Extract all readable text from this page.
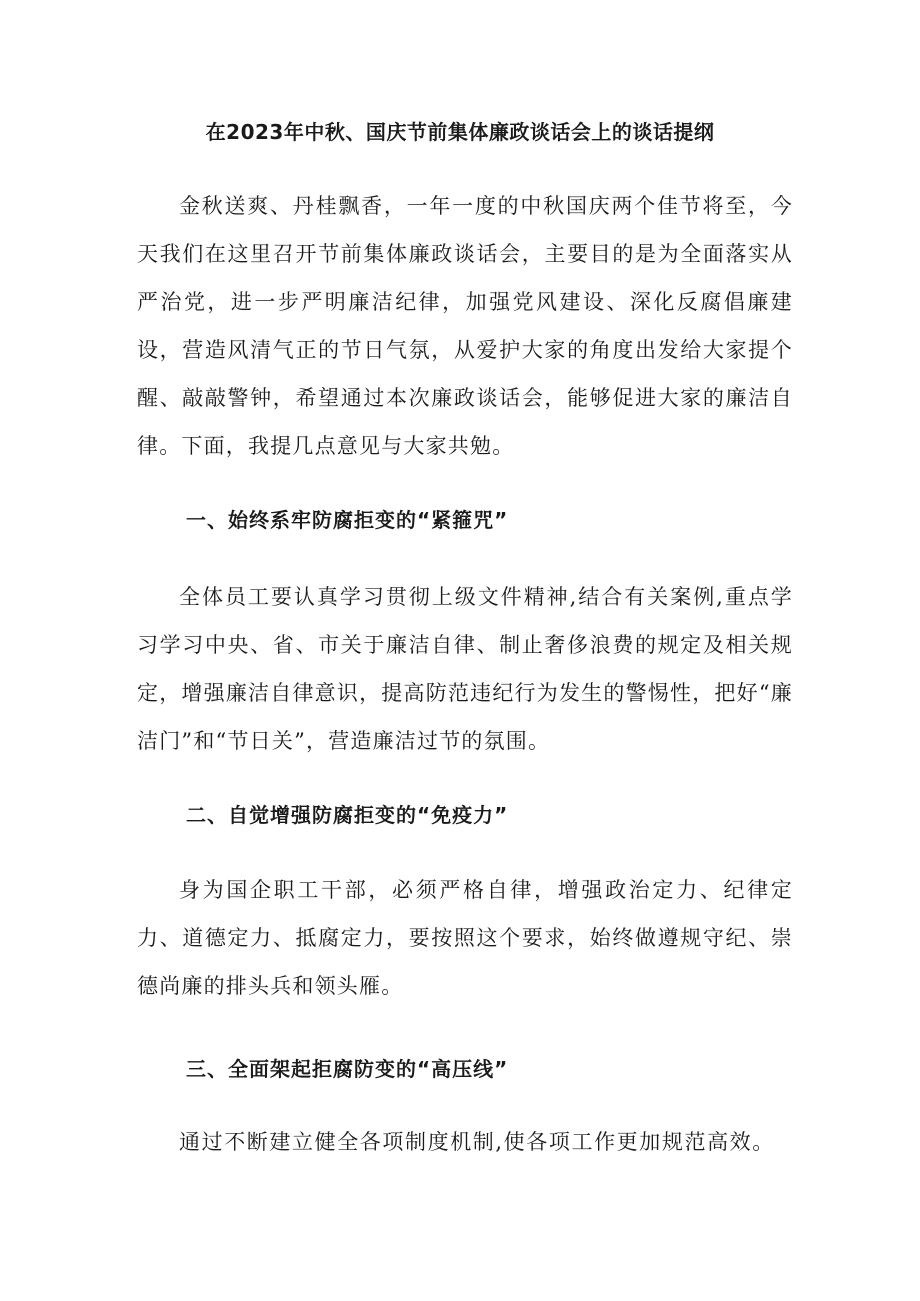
在2023年中秋、国庆节前集体廉政谈话会上的谈话提纲

金秋送爽、丹桂飘香，一年一度的中秋国庆两个佳节将至，今天我们在这里召开节前集体廉政谈话会，主要目的是为全面落实从严治党，进一步严明廉洁纪律，加强党风建设、深化反腐倡廉建设，营造风清气正的节日气氛，从爱护大家的角度出发给大家提个醒、敲敲警钟，希望通过本次廉政谈话会，能够促进大家的廉洁自律。下面，我提几点意见与大家共勉。

一、始终系牢防腐拒变的“紧箍咒”

全体员工要认真学习贯彻上级文件精神,结合有关案例,重点学习学习中央、省、市关于廉洁自律、制止奢侈浪费的规定及相关规定，增强廉洁自律意识，提高防范违纪行为发生的警惕性，把好“廉洁门”和“节日关”，营造廉洁过节的氛围。

二、自觉增强防腐拒变的“免疫力”

身为国企职工干部，必须严格自律，增强政治定力、纪律定力、道德定力、抵腐定力，要按照这个要求，始终做遵规守纪、崇德尚廉的排头兵和领头雁。

三、全面架起拒腐防变的“高压线”

通过不断建立健全各项制度机制,使各项工作更加规范高效。
